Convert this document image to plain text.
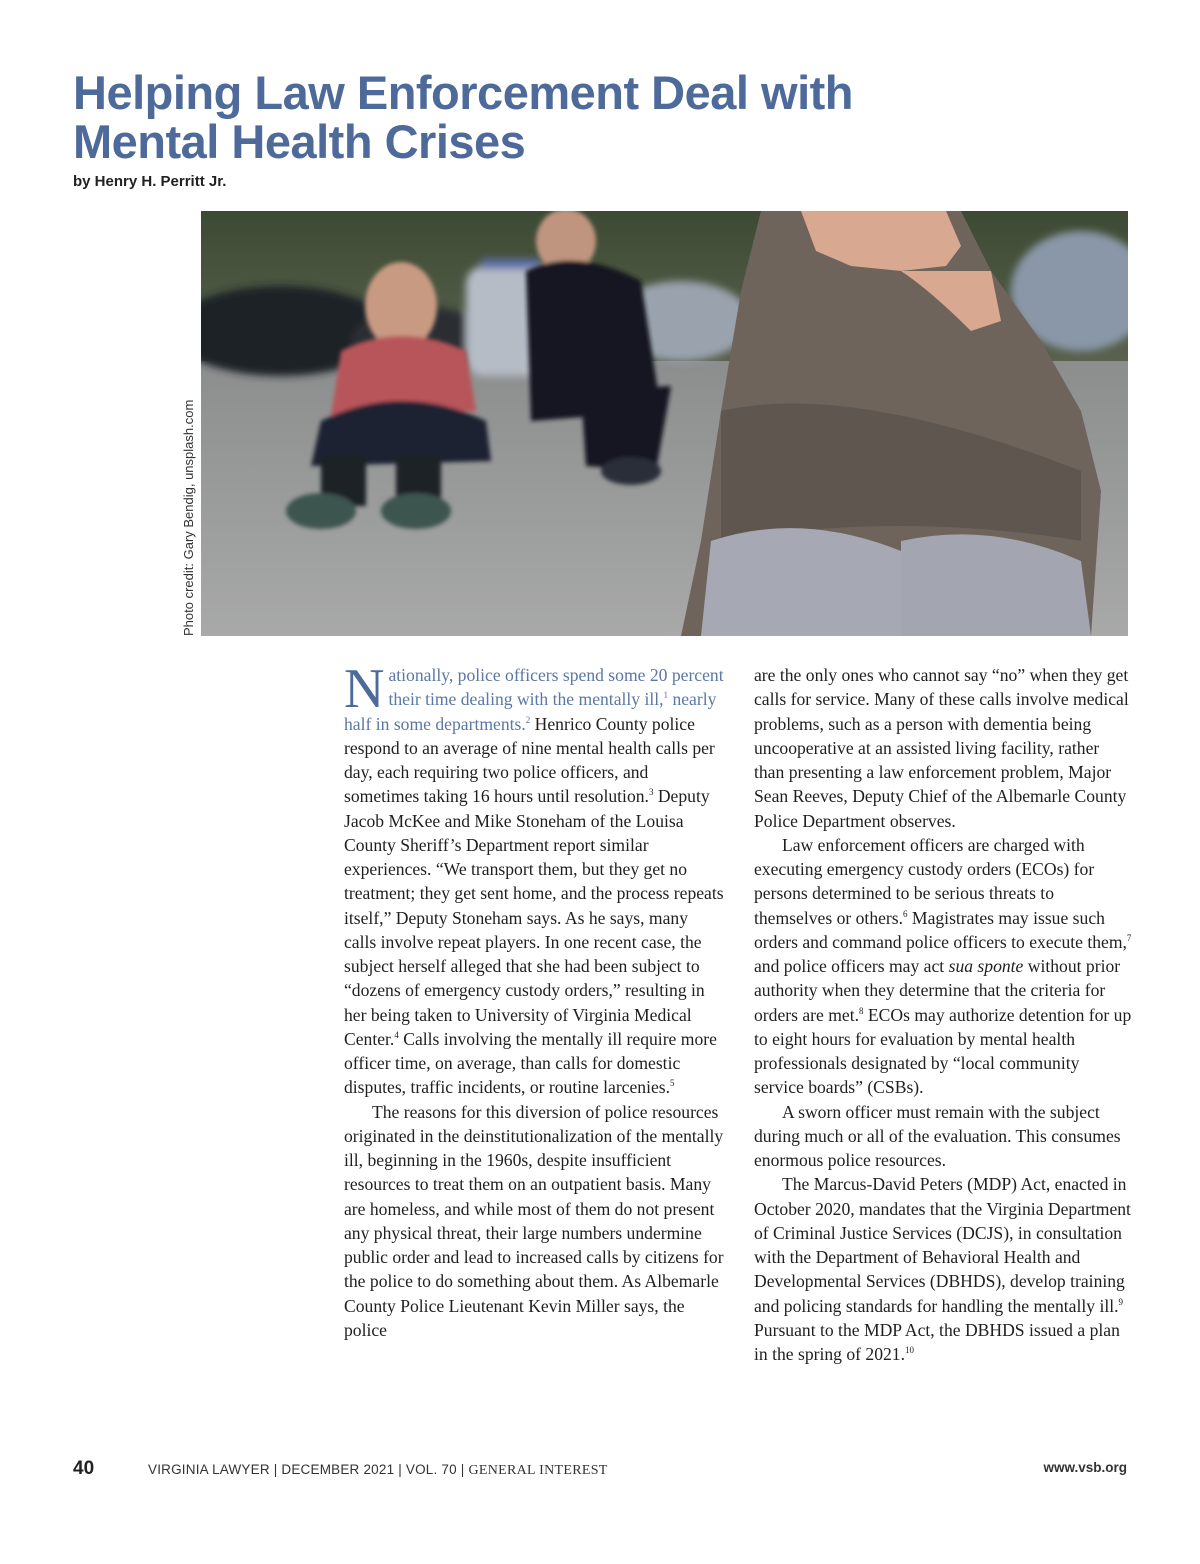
Helping Law Enforcement Deal with
Mental Health Crises
by Henry H. Perritt Jr.
Photo credit: Gary Bendig, unsplash.com

Nationally, police officers spend some 20 percent their time dealing with the mentally ill,$^1$ nearly half in some departments.$^2$ Henrico County police respond to an average of nine mental health calls per day, each requiring two police officers, and sometimes taking 16 hours until resolution.$^3$ Deputy Jacob McKee and Mike Stoneham of the Louisa County Sheriff’s Department report similar experiences. “We transport them, but they get no treatment; they get sent home, and the process repeats itself,” Deputy Stoneham says. As he says, many calls involve repeat players. In one recent case, the subject herself alleged that she had been subject to “dozens of emergency custody orders,” resulting in her being taken to University of Virginia Medical Center.$^4$ Calls involving the mentally ill require more officer time, on average, than calls for domestic disputes, traffic incidents, or routine larcenies.$^5$

The reasons for this diversion of police resources originated in the deinstitutionalization of the mentally ill, beginning in the 1960s, despite insufficient resources to treat them on an outpatient basis. Many are homeless, and while most of them do not present any physical threat, their large numbers undermine public order and lead to increased calls by citizens for the police to do something about them. As Albemarle County Police Lieutenant Kevin Miller says, the police

are the only ones who cannot say “no” when they get calls for service. Many of these calls involve medical problems, such as a person with dementia being uncooperative at an assisted living facility, rather than presenting a law enforcement problem, Major Sean Reeves, Deputy Chief of the Albemarle County Police Department observes.

Law enforcement officers are charged with executing emergency custody orders (ECOs) for persons determined to be serious threats to themselves or others.$^6$ Magistrates may issue such orders and command police officers to execute them,$^7$ and police officers may act sua sponte without prior authority when they determine that the criteria for orders are met.$^8$ ECOs may authorize detention for up to eight hours for evaluation by mental health professionals designated by “local community service boards” (CSBs).

A sworn officer must remain with the subject during much or all of the evaluation. This consumes enormous police resources.

The Marcus-David Peters (MDP) Act, enacted in October 2020, mandates that the Virginia Department of Criminal Justice Services (DCJS), in consultation with the Department of Behavioral Health and Developmental Services (DBHDS), develop training and policing standards for handling the mentally ill.$^9$ Pursuant to the MDP Act, the DBHDS issued a plan in the spring of 2021.10

40	VIRGINIA LAWYER | DECEMBER 2021 | VOL. 70 | GENERAL INTEREST	www.vsb.org
